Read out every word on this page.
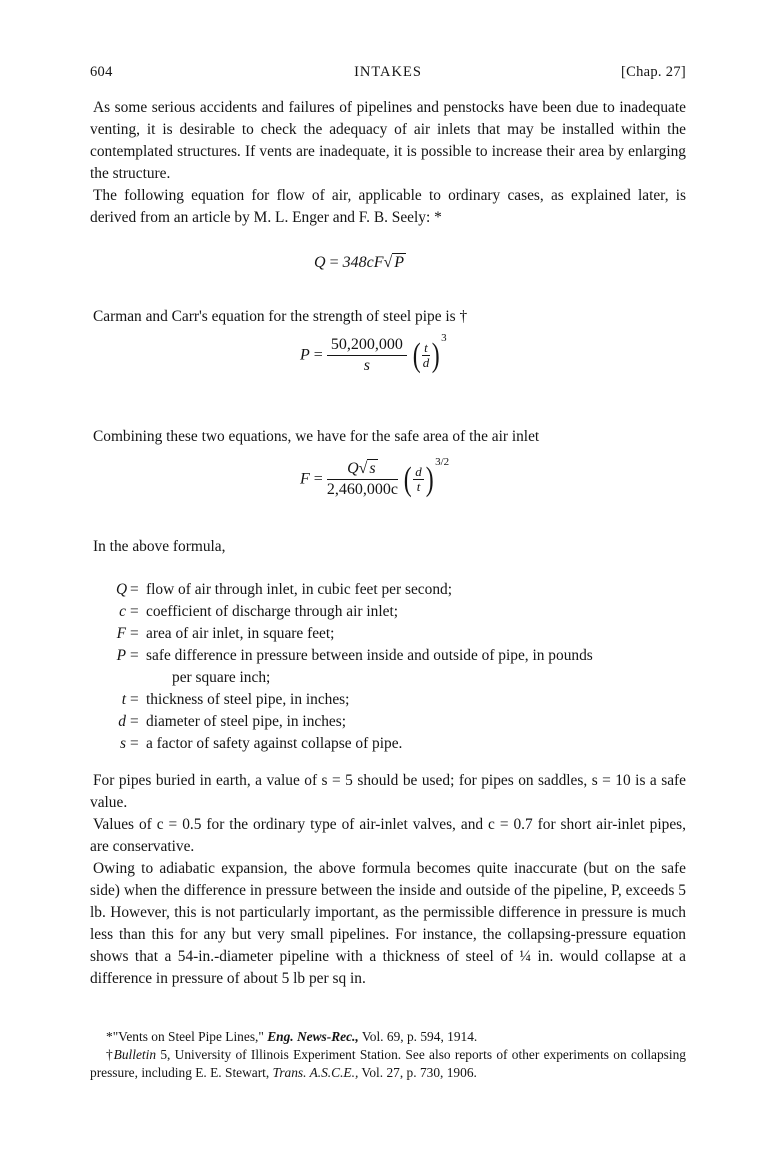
604	INTAKES	[Chap. 27]

As some serious accidents and failures of pipelines and penstocks have been due to inadequate venting, it is desirable to check the adequacy of air inlets that may be installed within the contemplated structures. If vents are inadequate, it is possible to increase their area by enlarging the structure.

The following equation for flow of air, applicable to ordinary cases, as explained later, is derived from an article by M. L. Enger and F. B. Seely: *

Q = 348cF√ P

Carman and Carr's equation for the strength of steel pipe is †

$P = \frac{50,200,000}{s}$ ( $\frac{t}{d}$ ) $^3$

Combining these two equations, we have for the safe area of the air inlet

$F = \frac{Q√ s}{2,460,000c}$ ( $\frac{d}{t}$ ) $^{3/2}$

In the above formula,

Q = flow of air through inlet, in cubic feet per second;
c = coefficient of discharge through air inlet;
F = area of air inlet, in square feet;
P = safe difference in pressure between inside and outside of pipe, in pounds
per square inch;
t = thickness of steel pipe, in inches;
d = diameter of steel pipe, in inches;
s = a factor of safety against collapse of pipe.

For pipes buried in earth, a value of s = 5 should be used; for pipes on saddles, s = 10 is a safe value.

Values of c = 0.5 for the ordinary type of air-inlet valves, and c = 0.7 for short air-inlet pipes, are conservative.

Owing to adiabatic expansion, the above formula becomes quite inaccurate (but on the safe side) when the difference in pressure between the inside and outside of the pipeline, P, exceeds 5 lb. However, this is not particularly important, as the permissible difference in pressure is much less than this for any but very small pipelines. For instance, the collapsing-pressure equation shows that a 54-in.-diameter pipeline with a thickness of steel of ¼ in. would collapse at a difference in pressure of about 5 lb per sq in.

*"Vents on Steel Pipe Lines," Eng. News-Rec., Vol. 69, p. 594, 1914.

†Bulletin 5, University of Illinois Experiment Station. See also reports of other experiments on collapsing pressure, including E. E. Stewart, Trans. A.S.C.E., Vol. 27, p. 730, 1906.
